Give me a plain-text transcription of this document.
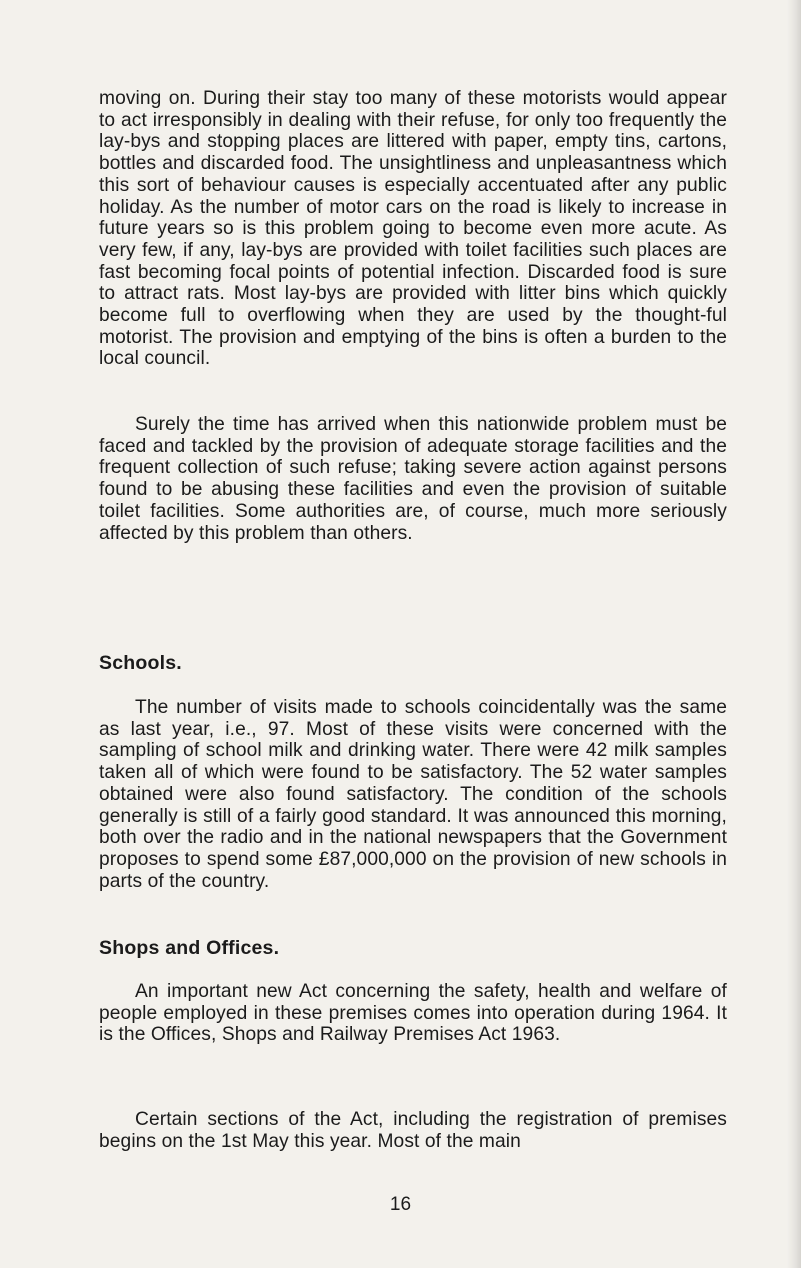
moving on. During their stay too many of these motorists would appear to act irresponsibly in dealing with their refuse, for only too frequently the lay-bys and stopping places are littered with paper, empty tins, cartons, bottles and discarded food. The unsightliness and unpleasantness which this sort of behaviour causes is especially accentuated after any public holiday. As the number of motor cars on the road is likely to increase in future years so is this problem going to become even more acute. As very few, if any, lay-bys are provided with toilet facilities such places are fast becoming focal points of potential infection. Discarded food is sure to attract rats. Most lay-bys are provided with litter bins which quickly become full to overflowing when they are used by the thought-ful motorist. The provision and emptying of the bins is often a burden to the local council.

Surely the time has arrived when this nationwide problem must be faced and tackled by the provision of adequate storage facilities and the frequent collection of such refuse; taking severe action against persons found to be abusing these facilities and even the provision of suitable toilet facilities. Some authorities are, of course, much more seriously affected by this problem than others.

Schools.

The number of visits made to schools coincidentally was the same as last year, i.e., 97. Most of these visits were concerned with the sampling of school milk and drinking water. There were 42 milk samples taken all of which were found to be satisfactory. The 52 water samples obtained were also found satisfactory. The condition of the schools generally is still of a fairly good standard. It was announced this morning, both over the radio and in the national newspapers that the Government proposes to spend some £87,000,000 on the provision of new schools in parts of the country.

Shops and Offices.

An important new Act concerning the safety, health and welfare of people employed in these premises comes into operation during 1964. It is the Offices, Shops and Railway Premises Act 1963.

Certain sections of the Act, including the registration of premises begins on the 1st May this year. Most of the main

16
